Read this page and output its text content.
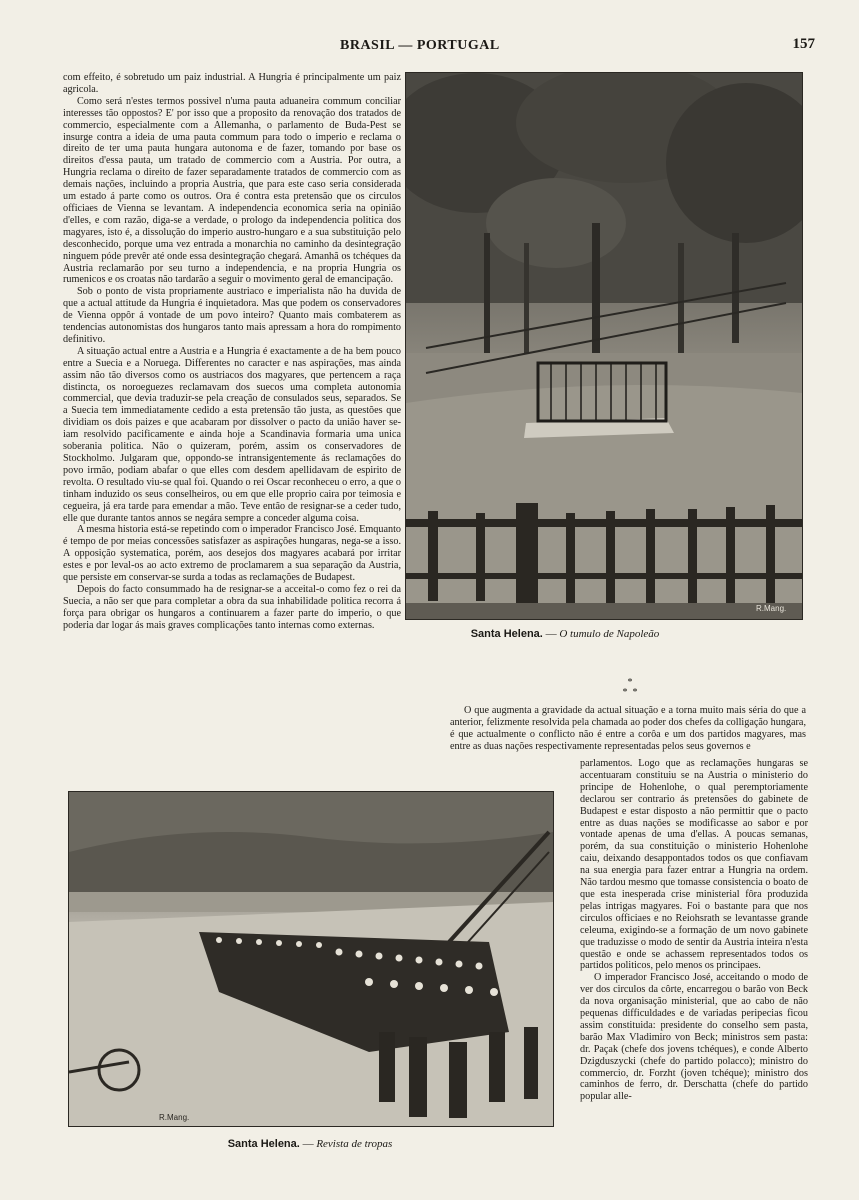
BRASIL — PORTUGAL	157

com effeito, é sobretudo um paiz industrial. A Hungria é principalmente um paiz agricola.

Como será n'estes termos possivel n'uma pauta aduaneira commum conciliar interesses tão oppostos? E' por isso que a proposito da renovação dos tratados de commercio, especialmente com a Allemanha, o parlamento de Buda-Pest se insurge contra a ideia de uma pauta commum para todo o imperio e reclama o direito de ter uma pauta hungara autonoma e de fazer, tomando por base os direitos d'essa pauta, um tratado de commercio com a Austria. Por outra, a Hungria reclama o direito de fazer separadamente tratados de commercio com as demais nações, incluindo a propria Austria, que para este caso seria considerada um estado á parte como os outros. Ora é contra esta pretensão que os circulos officiaes de Vienna se levantam. A independencia economica seria na opinião d'elles, e com razão, diga-se a verdade, o prologo da independencia politica dos magyares, isto é, a dissolução do imperio austro-hungaro e a sua substituição pelo desconhecido, porque uma vez entrada a monarchia no caminho da desintegração ninguem póde prevêr até onde essa desintegração chegará. Amanhã os tchéques da Austria reclamarão por seu turno a independencia, e na propria Hungria os rumenicos e os croatas não tardarão a seguir o movimento geral de emancipação.

Sob o ponto de vista propriamente austriaco e imperialista não ha duvida de que a actual attitude da Hungria é inquietadora. Mas que podem os conservadores de Vienna oppôr á vontade de um povo inteiro? Quanto mais combaterem as tendencias autonomistas dos hungaros tanto mais apressam a hora do rompimento definitivo.

A situação actual entre a Austria e a Hungria é exactamente a de ha bem pouco entre a Suecia e a Noruega. Differentes no caracter e nas aspirações, mas ainda assim não tão diversos como os austriacos dos magyares, que pertencem a raça distincta, os noroeguezes reclamavam dos suecos uma completa autonomia commercial, que devia traduzir-se pela creação de consulados seus, separados. Se a Suecia tem immediatamente cedido a esta pretensão tão justa, as questões que dividiam os dois paizes e que acabaram por dissolver o pacto da união haver se-iam resolvido pacificamente e ainda hoje a Scandinavia formaria uma unica soberania politica. Não o quizeram, porém, assim os conservadores de Stockholmo. Julgaram que, oppondo-se intransigentemente ás reclamações do povo irmão, podiam abafar o que elles com desdem apellidavam de espirito de revolta. O resultado viu-se qual foi. Quando o rei Oscar reconheceu o erro, a que o tinham induzido os seus conselheiros, ou em que elle proprio caira por teimosia e cegueira, já era tarde para emendar a mão. Teve então de resignar-se a ceder tudo, elle que durante tantos annos se negára sempre a conceder alguma coisa.

A mesma historia está-se repetindo com o imperador Francisco José. Emquanto é tempo de por meias concessões satisfazer as aspirações hungaras, nega-se a isso. A opposição systematica, porém, aos desejos dos magyares acabará por irritar estes e por leval-os ao acto extremo de proclamarem a sua separação da Austria, que persiste em conservar-se surda a todas as reclamações de Budapest.

Depois do facto consummado ha de resignar-se a acceital-o como fez o rei da Suecia, a não ser que para completar a obra da sua inhabilidade politica recorra á força para obrigar os hungaros a continuarem a fazer parte do imperio, o que poderia dar logar ás mais graves complicações tanto internas como externas.

R.Mang.
Santa Helena. — O tumulo de Napoleão
*
*  *

O que augmenta a gravidade da actual situação e a torna muito mais séria do que a anterior, felizmente resolvida pela chamada ao poder dos chefes da colligação hungara, é que actualmente o conflicto não é entre a corôa e um dos partidos magyares, mas entre as duas nações respectivamente representadas pelos seus governos e

R.Mang.
Santa Helena. — Revista de tropas

parlamentos. Logo que as reclamações hungaras se accentuaram constituiu se na Austria o ministerio do principe de Hohenlohe, o qual peremptoriamente declarou ser contrario ás pretensões do gabinete de Budapest e estar disposto a não permittir que o pacto entre as duas nações se modificasse ao sabor e por vontade apenas de uma d'ellas. A poucas semanas, porém, da sua constituição o ministerio Hohenlohe caiu, deixando desappontados todos os que confiavam na sua energia para fazer entrar a Hungria na ordem. Não tardou mesmo que tomasse consistencia o boato de que esta inesperada crise ministerial fôra produzida pelas intrigas magyares. Foi o bastante para que nos circulos officiaes e no Reiohsrath se levantasse grande celeuma, exigindo-se a formação de um novo gabinete que traduzisse o modo de sentir da Austria inteira n'esta questão e onde se achassem representados todos os partidos politicos, pelo menos os principaes.

O imperador Francisco José, acceitando o modo de ver dos circulos da côrte, encarregou o barão von Beck da nova organisação ministerial, que ao cabo de não pequenas difficuldades e de variadas peripecias ficou assim constituida: presidente do conselho sem pasta, barão Max Vladimiro von Beck; ministros sem pasta: dr. Paçak (chefe dos jovens tchéques), e conde Alberto Dzigduszycki (chefe do partido polacco); ministro do commercio, dr. Forzht (joven tchéque); ministro dos caminhos de ferro, dr. Derschatta (chefe do partido popular alle-
